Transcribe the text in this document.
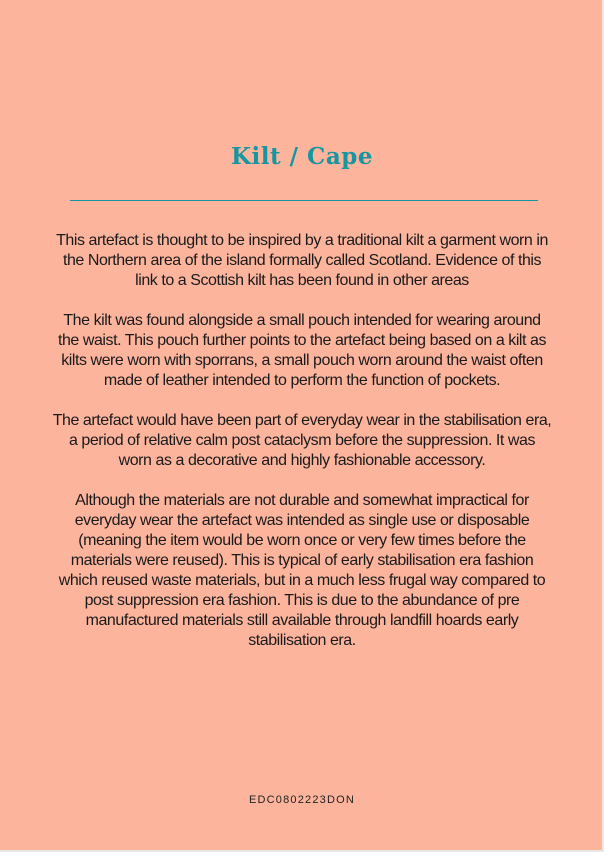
Kilt / Cape

This artefact is thought to be inspired by a traditional kilt a garment worn in the Northern area of the island formally called Scotland. Evidence of this link to a Scottish kilt has been found in other areas

The kilt was found alongside a small pouch intended for wearing around the waist. This pouch further points to the artefact being based on a kilt as kilts were worn with sporrans, a small pouch worn around the waist often made of leather intended to perform the function of pockets.

The artefact would have been part of everyday wear in the stabilisation era, a period of relative calm post cataclysm before the suppression. It was worn as a decorative and highly fashionable accessory.

Although the materials are not durable and somewhat impractical for everyday wear the artefact was intended as single use or disposable (meaning the item would be worn once or very few times before the materials were reused). This is typical of early stabilisation era fashion which reused waste materials, but in a much less frugal way compared to post suppression era fashion. This is due to the abundance of pre manufactured materials still available through landfill hoards early stabilisation era.

EDC0802223DON
